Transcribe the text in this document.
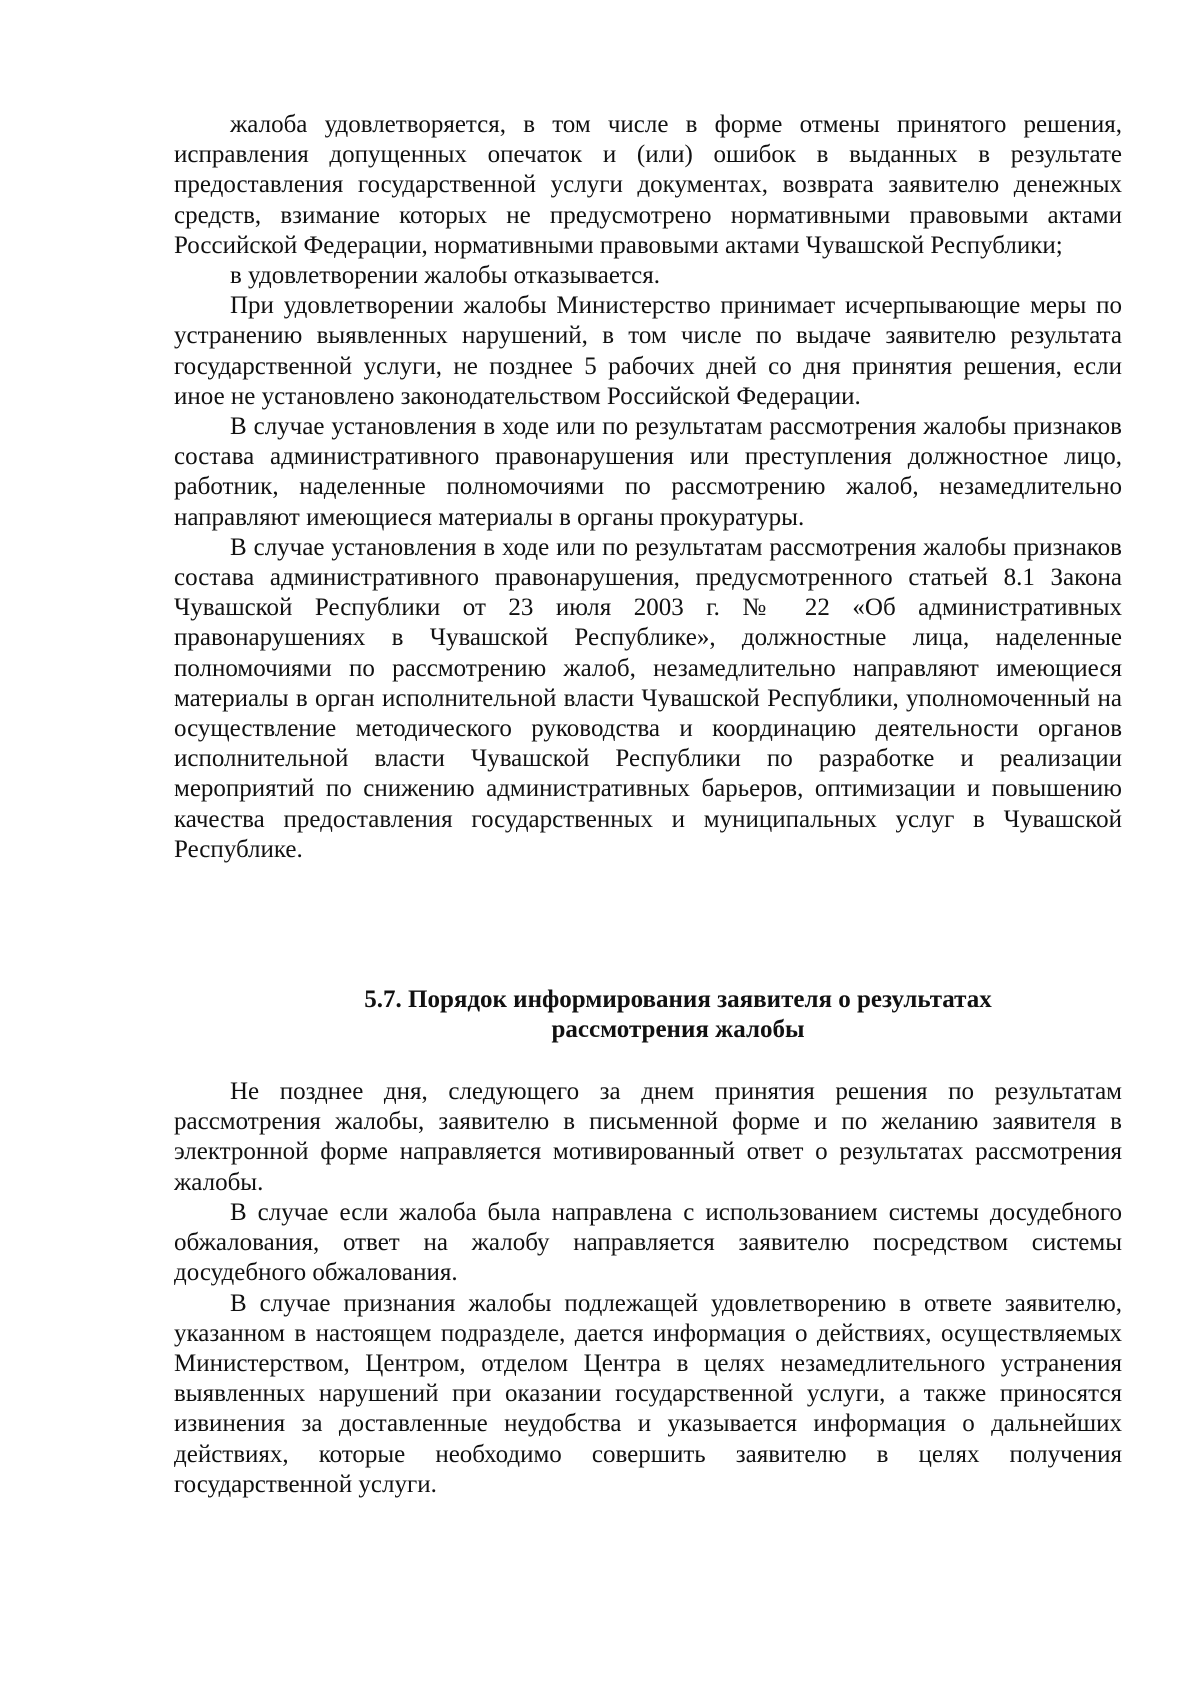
жалоба удовлетворяется, в том числе в форме отмены принятого решения, исправления допущенных опечаток и (или) ошибок в выданных в результате предоставления государственной услуги документах, возврата заявителю денежных средств, взимание которых не предусмотрено нормативными правовыми актами Российской Федерации, нормативными правовыми актами Чувашской Республики;

в удовлетворении жалобы отказывается.

При удовлетворении жалобы Министерство принимает исчерпывающие меры по устранению выявленных нарушений, в том числе по выдаче заявителю результата государственной услуги, не позднее 5 рабочих дней со дня принятия решения, если иное не установлено законодательством Российской Федерации.

В случае установления в ходе или по результатам рассмотрения жалобы признаков состава административного правонарушения или преступления должностное лицо, работник, наделенные полномочиями по рассмотрению жалоб, незамедлительно направляют имеющиеся материалы в органы прокуратуры.

В случае установления в ходе или по результатам рассмотрения жалобы признаков состава административного правонарушения, предусмотренного статьей 8.1 Закона Чувашской Республики от 23 июля 2003 г. № 22 «Об административных правонарушениях в Чувашской Республике», должностные лица, наделенные полномочиями по рассмотрению жалоб, незамедлительно направляют имеющиеся материалы в орган исполнительной власти Чувашской Республики, уполномоченный на осуществление методического руководства и координацию деятельности органов исполнительной власти Чувашской Республики по разработке и реализации мероприятий по снижению административных барьеров, оптимизации и повышению качества предоставления государственных и муниципальных услуг в Чувашской Республике.

5.7. Порядок информирования заявителя о результатах
рассмотрения жалобы

Не позднее дня, следующего за днем принятия решения по результатам рассмотрения жалобы, заявителю в письменной форме и по желанию заявителя в электронной форме направляется мотивированный ответ о результатах рассмотрения жалобы.

В случае если жалоба была направлена с использованием системы досудебного обжалования, ответ на жалобу направляется заявителю посредством системы досудебного обжалования.

В случае признания жалобы подлежащей удовлетворению в ответе заявителю, указанном в настоящем подразделе, дается информация о действиях, осуществляемых Министерством, Центром, отделом Центра в целях незамедлительного устранения выявленных нарушений при оказании государственной услуги, а также приносятся извинения за доставленные неудобства и указывается информация о дальнейших действиях, которые необходимо совершить заявителю в целях получения государственной услуги.
